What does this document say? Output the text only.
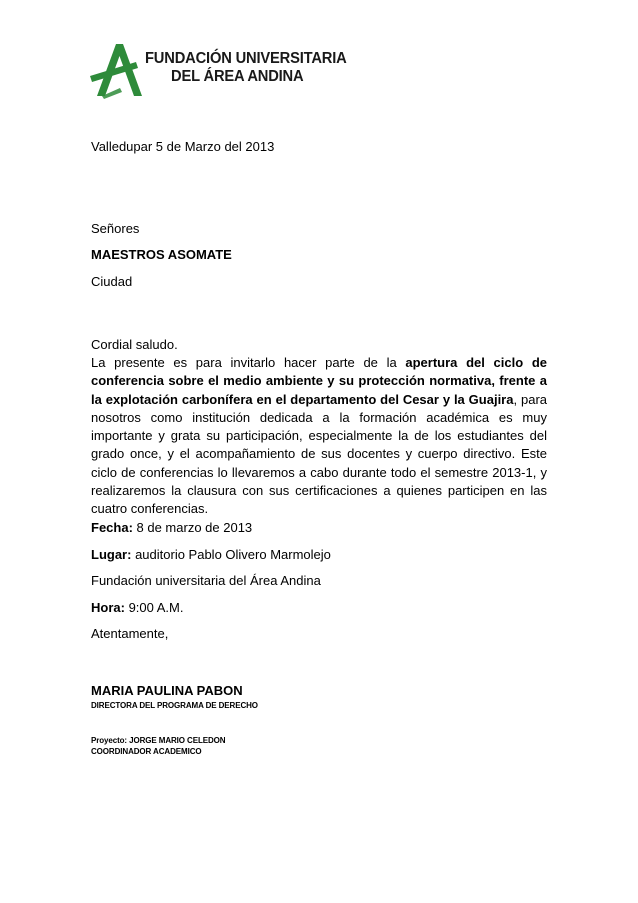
FUNDACIÓN UNIVERSITARIA
DEL ÁREA ANDINA
Valledupar 5 de Marzo del 2013
Señores
MAESTROS ASOMATE
Ciudad
Cordial saludo.
La presente es para invitarlo hacer parte de la apertura del ciclo de conferencia sobre el medio ambiente y su protección normativa, frente a la explotación carbonífera en el departamento del Cesar y la Guajira, para nosotros como institución dedicada a la formación académica es muy importante y grata su participación, especialmente la de los estudiantes del grado once, y el acompañamiento de sus docentes y cuerpo directivo. Este ciclo de conferencias lo llevaremos a cabo durante todo el semestre 2013-1, y realizaremos la clausura con sus certificaciones a quienes participen en las cuatro conferencias.
Fecha: 8 de marzo de 2013
Lugar: auditorio Pablo Olivero Marmolejo
Fundación universitaria del Área Andina
Hora: 9:00 A.M.
Atentamente,
MARIA PAULINA PABON
DIRECTORA DEL PROGRAMA DE DERECHO
Proyecto: JORGE MARIO CELEDON
COORDINADOR ACADEMICO
